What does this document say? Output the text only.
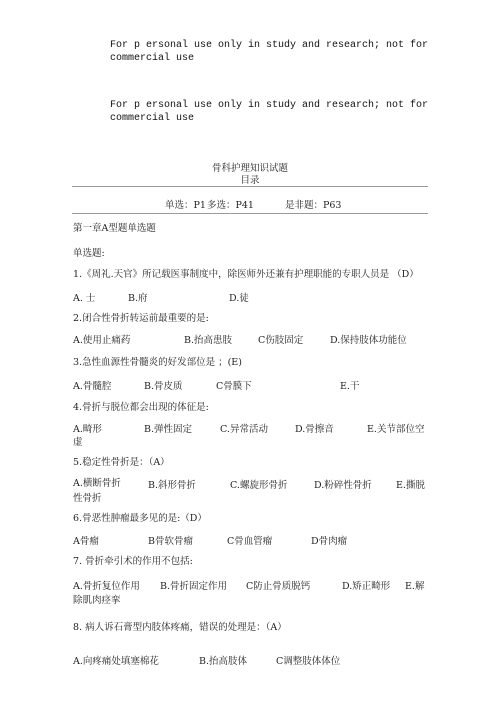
For p ersonal use only in study and research; not for
commercial use
For p ersonal use only in study and research; not for
commercial use
骨科护理知识试题
目录
单选：P1 多选：P41	是非题：P63
第一章A型题单选题
单选题:
1.《周礼.天官》所记载医事制度中，除医师外还兼有护理职能的专职人员是 （D）
A. 士	B.府	D.徒
2.闭合性骨折转运前最重要的是:
A.使用止痛药	B.抬高患肢	C伤肢固定	D.保持肢体功能位
3.急性血源性骨髓炎的好发部位是 ；(E)
A.骨髓腔	B.骨皮质	C骨膜下	E.干
4.骨折与脱位都会出现的体征是:
A.畸形	B.弹性固定	C.异常活动	D.骨擦音	E.关节部位空
虚
5.稳定性骨折是：（A）
A.横断骨折	B.斜形骨折	C.螺旋形骨折	D.粉碎性骨折	E.撕脱
性骨折
6.骨恶性肿瘤最多见的是:（D）
A骨瘤	B骨软骨瘤	C骨血管瘤	D骨肉瘤
7. 骨折牵引术的作用不包括:
A.骨折复位作用 B.骨折固定作用 C防止骨质脱钙	D.矫正畸形 E.解
除肌肉痉挛
8. 病人诉石膏型内肢体疼痛，错误的处理是：（A）
A.向疼痛处填塞棉花	B.抬高肢体	C调整肢体体位
